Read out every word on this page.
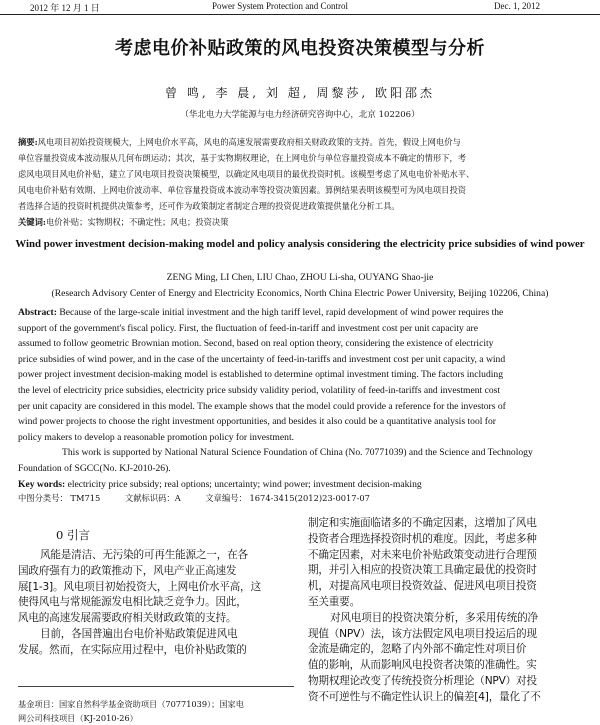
2012 年 12 月 1 日	Power System Protection and Control	Dec. 1, 2012
考虑电价补贴政策的风电投资决策模型与分析
曾 鸣, 李 晨, 刘 超, 周黎莎, 欧阳邵杰
（华北电力大学能源与电力经济研究咨询中心，北京 102206）
摘要:风电项目初始投资规模大，上网电价水平高，风电的高速发展需要政府相关财政政策的支持。首先，假设上网电价与
单位容量投资成本波动服从几何布朗运动；其次，基于实物期权理论，在上网电价与单位容量投资成本不确定的情形下，考
虑风电项目风电价补贴，建立了风电项目投资决策模型，以确定风电项目的最优投资时机。该模型考虑了风电电价补贴水平、
风电电价补贴有效期、上网电价波动率、单位容量投资成本波动率等投资决策因素。算例结果表明该模型可为风电项目投资
者选择合适的投资时机提供决策参考，还可作为政策制定者制定合理的投资促进政策提供量化分析工具。
关键词:电价补贴；实物期权；不确定性；风电；投资决策
Wind power investment decision-making model and policy analysis considering the electricity price subsidies of wind power
ZENG Ming, LI Chen, LIU Chao, ZHOU Li-sha, OUYANG Shao-jie
(Research Advisory Center of Energy and Electricity Economics, North China Electric Power University, Beijing 102206, China)
Abstract: Because of the large-scale initial investment and the high tariff level, rapid development of wind power requires the
support of the government's fiscal policy. First, the fluctuation of feed-in-tariff and investment cost per unit capacity are
assumed to follow geometric Brownian motion. Second, based on real option theory, considering the existence of electricity
price subsidies of wind power, and in the case of the uncertainty of feed-in-tariffs and investment cost per unit capacity, a wind
power project investment decision-making model is established to determine optimal investment timing. The factors including
the level of electricity price subsidies, electricity price subsidy validity period, volatility of feed-in-tariffs and investment cost
per unit capacity are considered in this model. The example shows that the model could provide a reference for the investors of
wind power projects to choose the right investment opportunities, and besides it also could be a quantitative analysis tool for
policy makers to develop a reasonable promotion policy for investment.
This work is supported by National Natural Science Foundation of China (No. 70771039) and the Science and Technology
Foundation of SGCC(No. KJ-2010-26).
Key words: electricity price subsidy; real options; uncertainty; wind power; investment decision-making
中图分类号： TM715	文献标识码：A	文章编号： 1674-3415(2012)23-0017-07
0 引言
风能是清洁、无污染的可再生能源之一，在各
国政府强有力的政策推动下，风电产业正高速发
展[1-3]。风电项目初始投资大，上网电价水平高，这
使得风电与常规能源发电相比缺乏竞争力。因此，
风电的高速发展需要政府相关财政政策的支持。
目前，各国普遍出台电价补贴政策促进风电
发展。然而，在实际应用过程中，电价补贴政策的
制定和实施面临诸多的不确定因素，这增加了风电
投资者合理选择投资时机的难度。因此，考虑多种
不确定因素，对未来电价补贴政策变动进行合理预
期，并引入相应的投资决策工具确定最优的投资时
机，对提高风电项目投资效益、促进风电项目投资
至关重要。
对风电项目的投资决策分析，多采用传统的净
现值（NPV）法，该方法假定风电项目投运后的现
金流是确定的，忽略了内外部不确定性对项目价
值的影响，从而影响风电投资者决策的准确性。实
物期权理论改变了传统投资分析理论（NPV）对投
资不可逆性与不确定性认识上的偏差[4]，量化了不
基金项目：国家自然科学基金资助项目（70771039）；国家电
网公司科技项目（KJ-2010-26）
